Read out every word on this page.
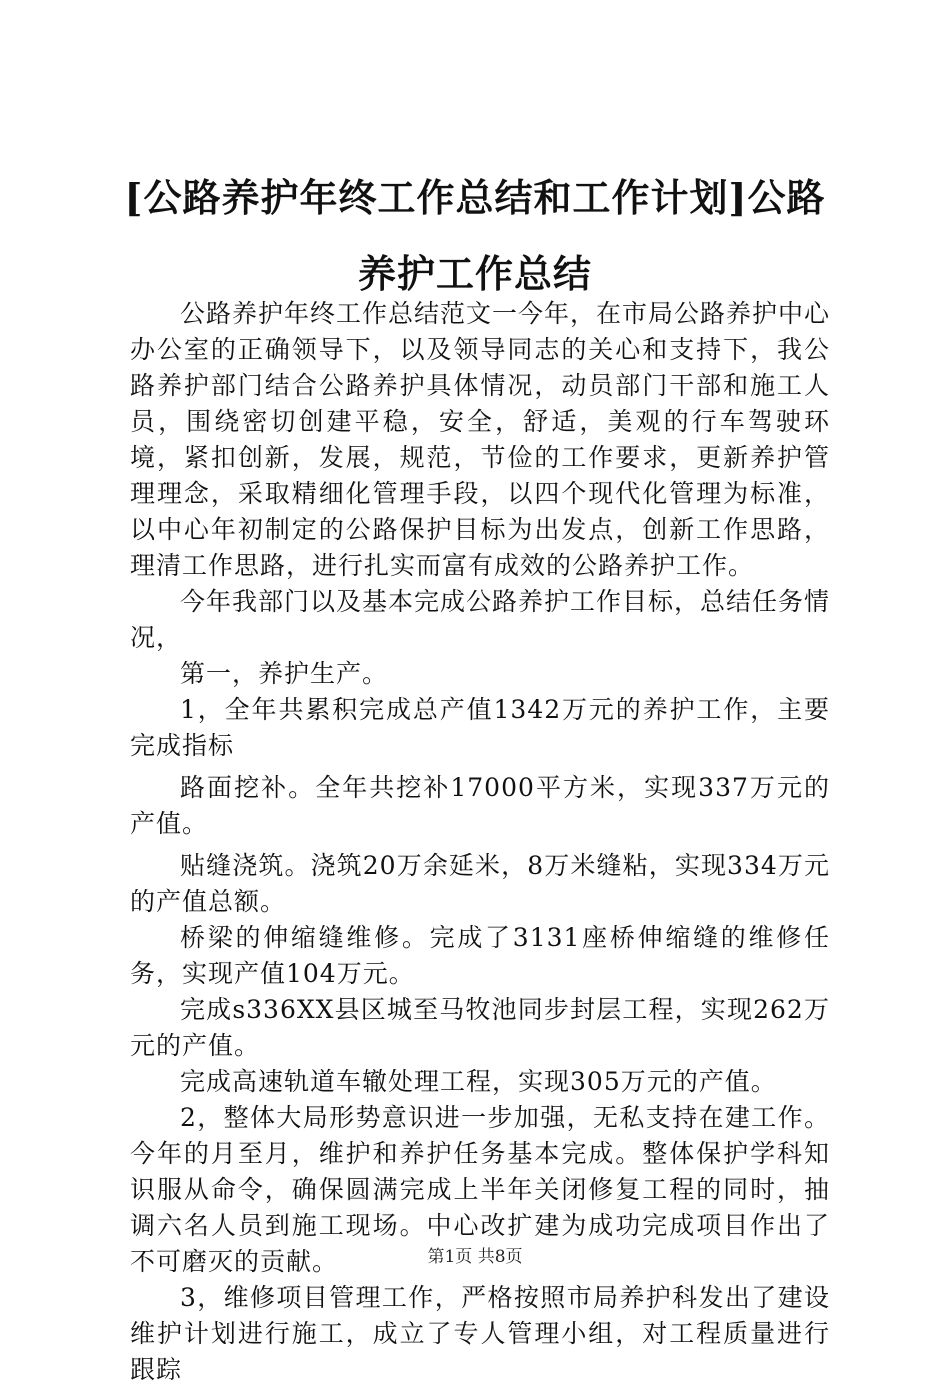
[公路养护年终工作总结和工作计划]公路养护工作总结

公路养护年终工作总结范文一今年，在市局公路养护中心办公室的正确领导下，以及领导同志的关心和支持下，我公路养护部门结合公路养护具体情况，动员部门干部和施工人员，围绕密切创建平稳，安全，舒适，美观的行车驾驶环境，紧扣创新，发展，规范，节俭的工作要求，更新养护管理理念，采取精细化管理手段，以四个现代化管理为标准，以中心年初制定的公路保护目标为出发点，创新工作思路，理清工作思路，进行扎实而富有成效的公路养护工作。

今年我部门以及基本完成公路养护工作目标，总结任务情况，

第一，养护生产。

1，全年共累积完成总产值1342万元的养护工作，主要完成指标

路面挖补。全年共挖补17000平方米，实现337万元的产值。

贴缝浇筑。浇筑20万余延米，8万米缝粘，实现334万元的产值总额。

桥梁的伸缩缝维修。完成了3131座桥伸缩缝的维修任务，实现产值104万元。

完成s336XX县区城至马牧池同步封层工程，实现262万元的产值。

完成高速轨道车辙处理工程，实现305万元的产值。

2，整体大局形势意识进一步加强，无私支持在建工作。今年的月至月，维护和养护任务基本完成。整体保护学科知识服从命令，确保圆满完成上半年关闭修复工程的同时，抽调六名人员到施工现场。中心改扩建为成功完成项目作出了不可磨灭的贡献。

3，维修项目管理工作，严格按照市局养护科发出了建设维护计划进行施工，成立了专人管理小组，对工程质量进行跟踪

第1页 共8页
